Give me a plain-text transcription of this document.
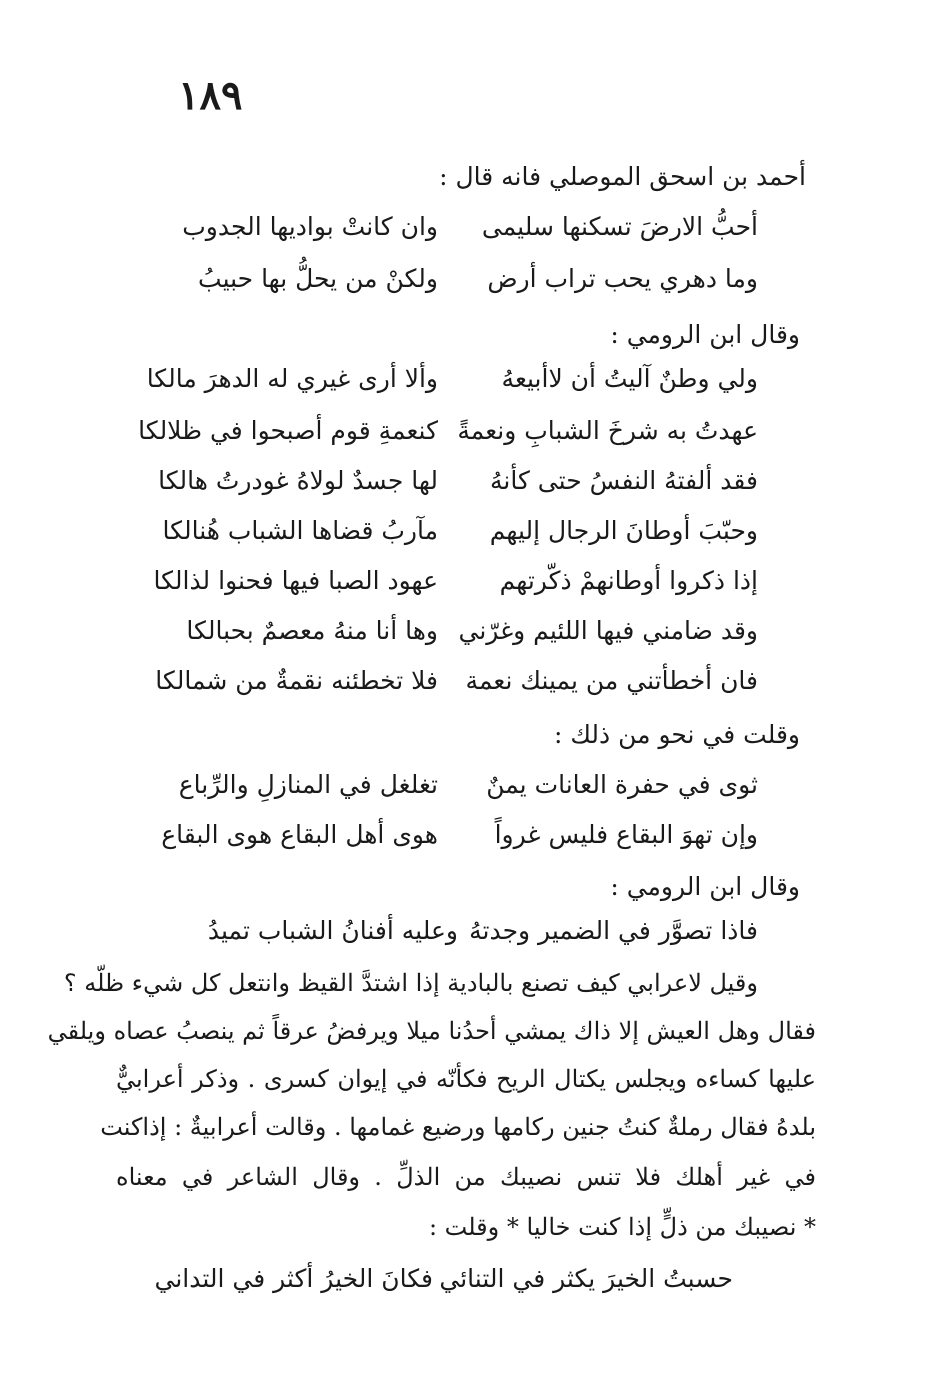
١٨٩
أحمد بن اسحق الموصلي فانه قال :
أحبُّ الارضَ تسكنها سليمى
وان كانتْ بواديها الجدوب
وما دهري يحب تراب أرض
ولكنْ من يحلُّ بها حبيبُ
وقال ابن الرومي :
ولي وطنٌ آليتُ أن لاأبيعهُ
وألا أرى غيري له الدهرَ مالكا
عهدتُ به شرخَ الشبابِ ونعمةً
كنعمةِ قوم أصبحوا في ظلالكا
فقد ألفتهُ النفسُ حتى كأنهُ
لها جسدٌ لولاهُ غودرتُ هالكا
وحبّبَ أوطانَ الرجال إليهم
مآربُ قضاها الشباب هُنالكا
إذا ذكروا أوطانهمْ ذكّرتهم
عهود الصبا فيها فحنوا لذالكا
وقد ضامني فيها اللئيم وغرّني
وها أنا منهُ معصمٌ بحبالكا
فان أخطأتني من يمينك نعمة
فلا تخطئنه نقمةٌ من شمالكا
وقلت في نحو من ذلك :
ثوى في حفرة العانات يمنٌ
تغلغل في المنازلِ والرِّباع
وإن تهوَ البقاع فليس غرواً
هوى أهل البقاع هوى البقاع
وقال ابن الرومي :
فاذا تصوَّر في الضمير وجدتهُ
وعليه أفنانُ الشباب تميدُ
وقيل لاعرابي كيف تصنع بالبادية إذا اشتدَّ القيظ وانتعل كل شيء ظلّه ؟
فقال وهل العيش إلا ذاك يمشي أحدُنا ميلا ويرفضُ عرقاً ثم ينصبُ عصاه ويلقي
عليها كساءه ويجلس يكتال الريح فكأنّه في إيوان كسرى . وذكر أعرابيٌّ
بلدهُ فقال رملةٌ كنتُ جنين ركامها ورضيع غمامها . وقالت أعرابيةٌ : إذاكنت
في غير أهلك فلا تنس نصيبك من الذلِّ . وقال الشاعر في معناه
* نصيبك من ذلٍّ إذا كنت خاليا * وقلت :
حسبتُ الخيرَ يكثر في التنائي
فكانَ الخيرُ أكثر في التداني
